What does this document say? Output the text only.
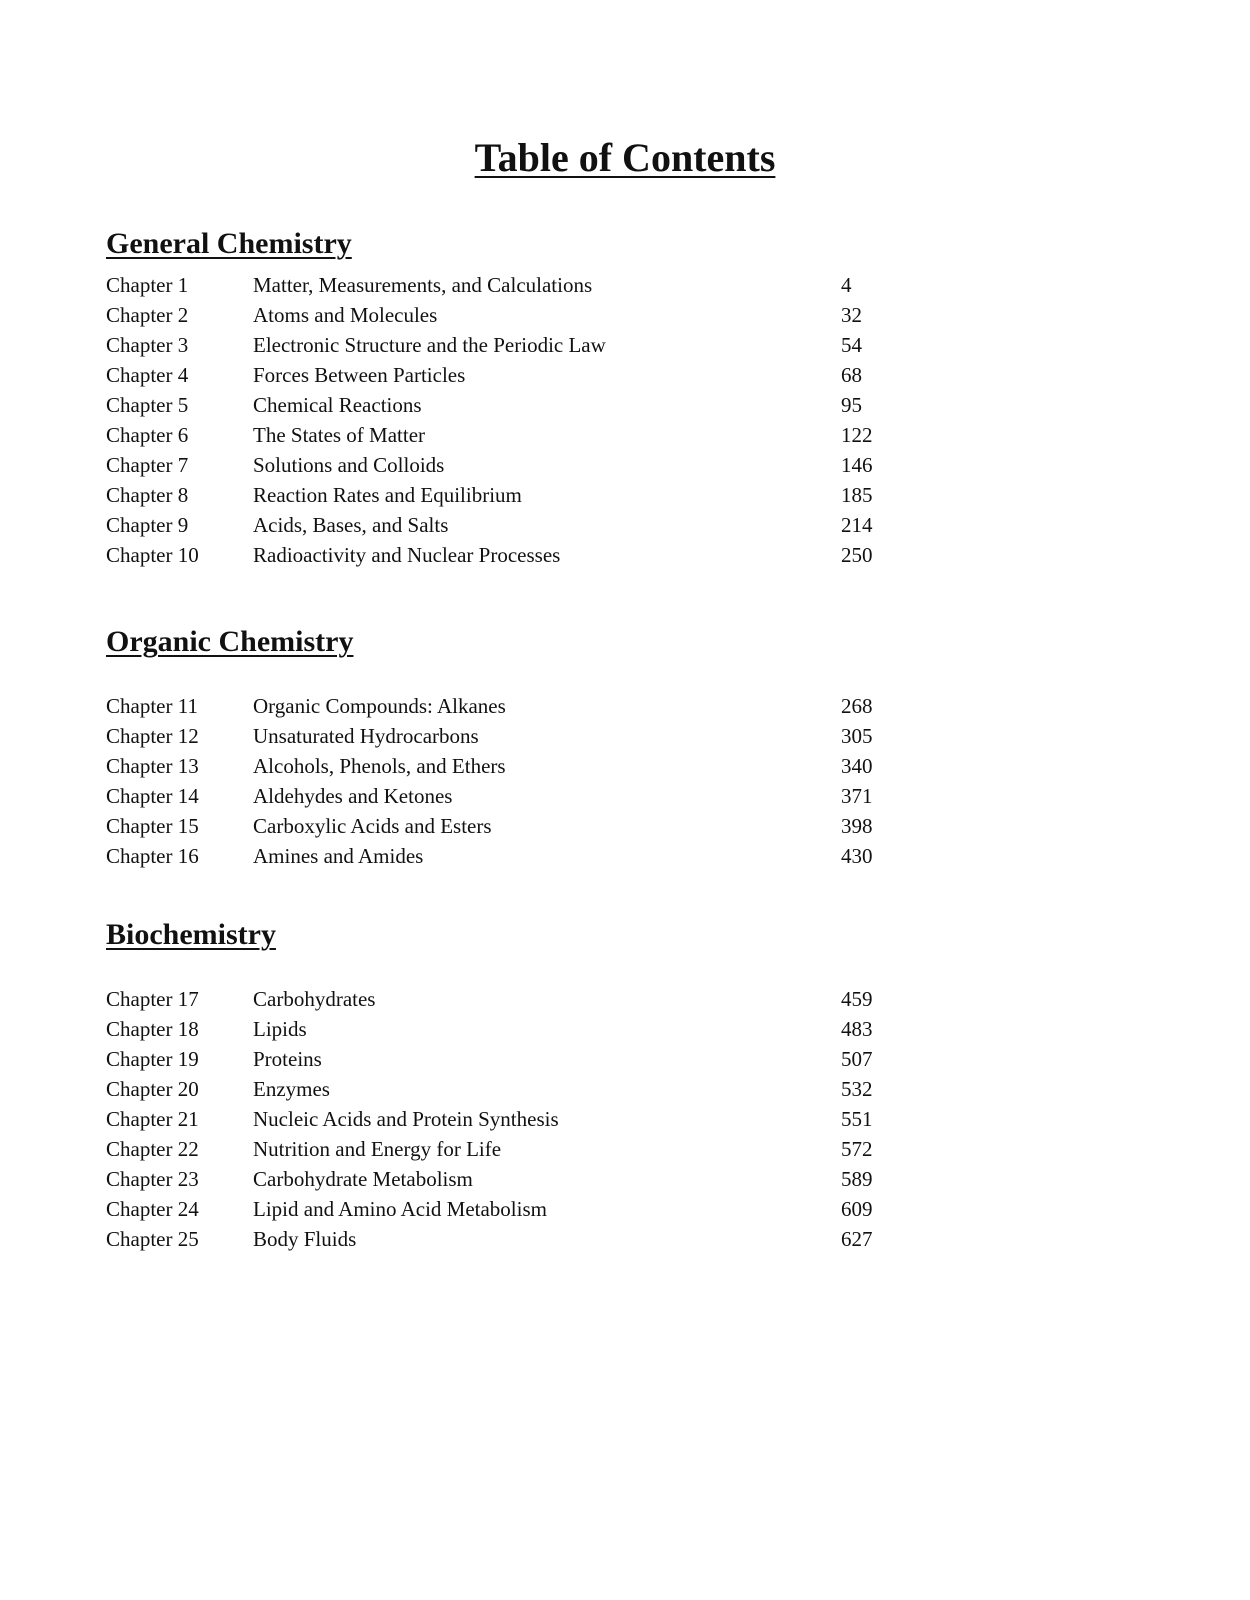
Table of Contents
General Chemistry
Chapter 1	Matter, Measurements, and Calculations	4
Chapter 2	Atoms and Molecules	32
Chapter 3	Electronic Structure and the Periodic Law	54
Chapter 4	Forces Between Particles	68
Chapter 5	Chemical Reactions	95
Chapter 6	The States of Matter	122
Chapter 7	Solutions and Colloids	146
Chapter 8	Reaction Rates and Equilibrium	185
Chapter 9	Acids, Bases, and Salts	214
Chapter 10	Radioactivity and Nuclear Processes	250
Organic Chemistry
Chapter 11	Organic Compounds: Alkanes	268
Chapter 12	Unsaturated Hydrocarbons	305
Chapter 13	Alcohols, Phenols, and Ethers	340
Chapter 14	Aldehydes and Ketones	371
Chapter 15	Carboxylic Acids and Esters	398
Chapter 16	Amines and Amides	430
Biochemistry
Chapter 17	Carbohydrates	459
Chapter 18	Lipids	483
Chapter 19	Proteins	507
Chapter 20	Enzymes	532
Chapter 21	Nucleic Acids and Protein Synthesis	551
Chapter 22	Nutrition and Energy for Life	572
Chapter 23	Carbohydrate Metabolism	589
Chapter 24	Lipid and Amino Acid Metabolism	609
Chapter 25	Body Fluids	627
